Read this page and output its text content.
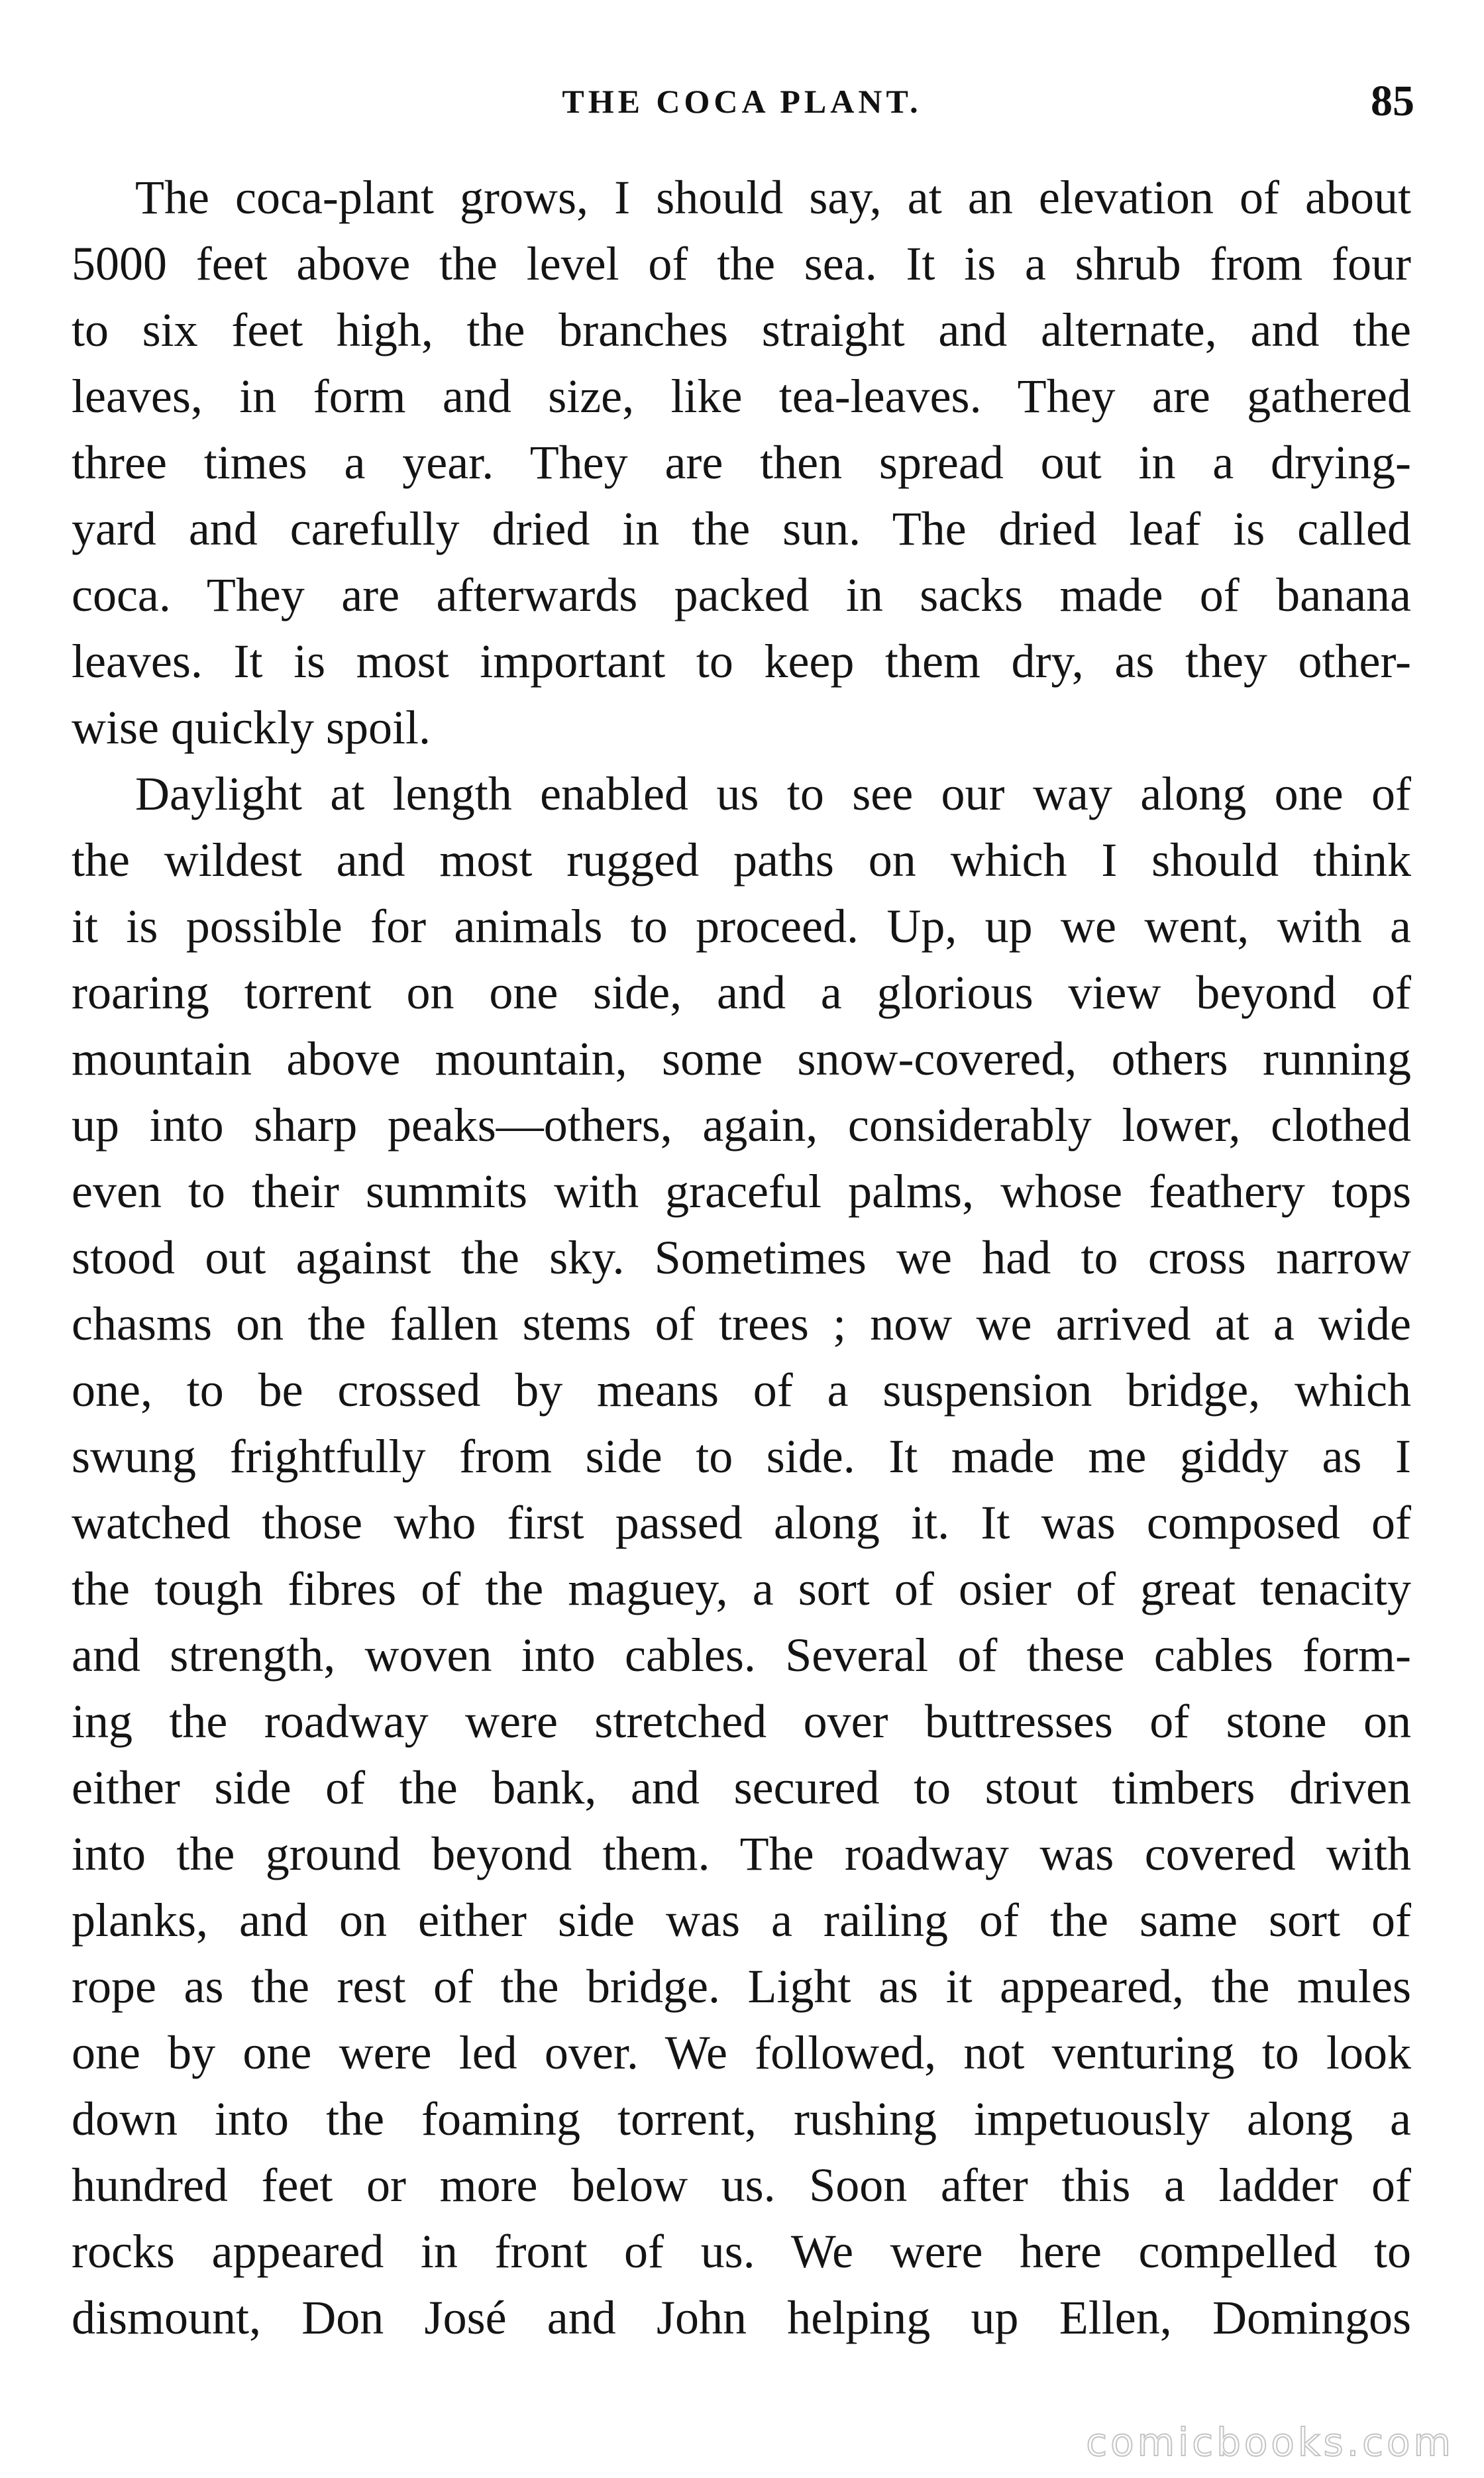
THE COCA PLANT.	85
The coca-plant grows, I should say, at an elevation of about
5000 feet above the level of the sea. It is a shrub from four
to six feet high, the branches straight and alternate, and the
leaves, in form and size, like tea-leaves. They are gathered
three times a year. They are then spread out in a drying-
yard and carefully dried in the sun. The dried leaf is called
coca. They are afterwards packed in sacks made of banana
leaves. It is most important to keep them dry, as they other-
wise quickly spoil.
Daylight at length enabled us to see our way along one of
the wildest and most rugged paths on which I should think
it is possible for animals to proceed. Up, up we went, with a
roaring torrent on one side, and a glorious view beyond of
mountain above mountain, some snow-covered, others running
up into sharp peaks—others, again, considerably lower, clothed
even to their summits with graceful palms, whose feathery tops
stood out against the sky. Sometimes we had to cross narrow
chasms on the fallen stems of trees ; now we arrived at a wide
one, to be crossed by means of a suspension bridge, which
swung frightfully from side to side. It made me giddy as I
watched those who first passed along it. It was composed of
the tough fibres of the maguey, a sort of osier of great tenacity
and strength, woven into cables. Several of these cables form-
ing the roadway were stretched over buttresses of stone on
either side of the bank, and secured to stout timbers driven
into the ground beyond them. The roadway was covered with
planks, and on either side was a railing of the same sort of
rope as the rest of the bridge. Light as it appeared, the mules
one by one were led over. We followed, not venturing to look
down into the foaming torrent, rushing impetuously along a
hundred feet or more below us. Soon after this a ladder of
rocks appeared in front of us. We were here compelled to
dismount, Don José and John helping up Ellen, Domingos
comicbooks.com
